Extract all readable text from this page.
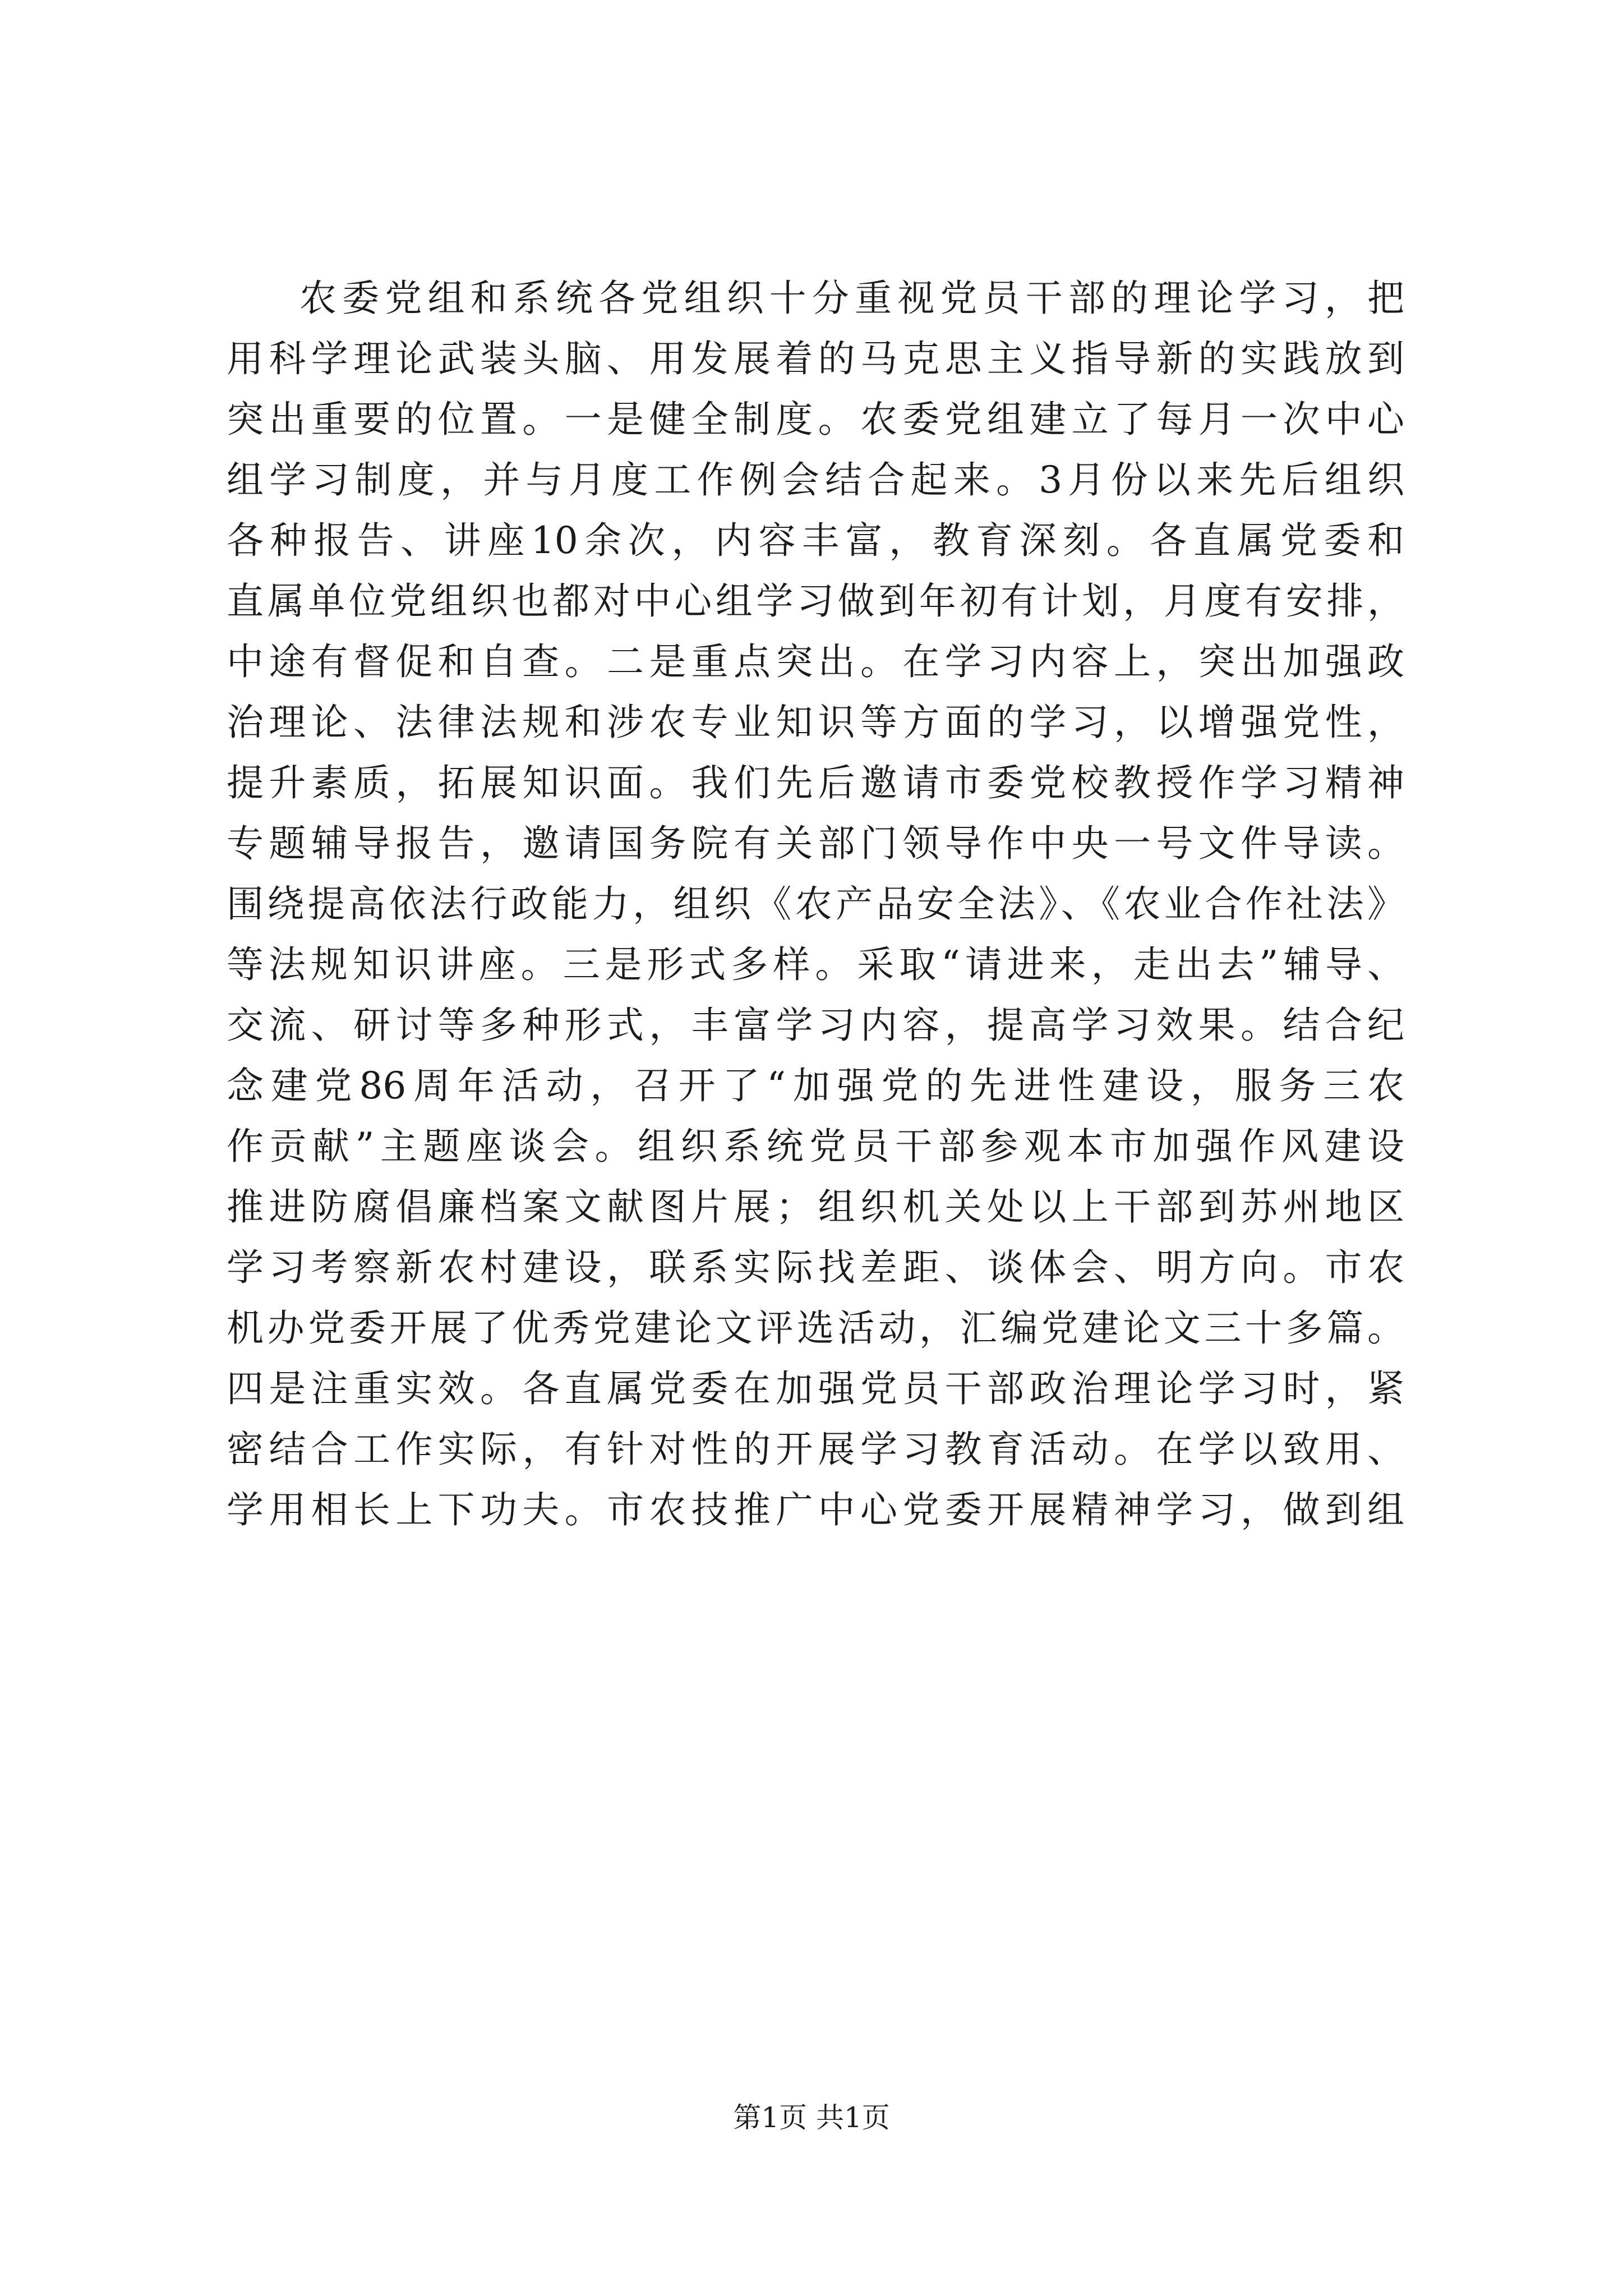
农委党组和系统各党组织十分重视党员干部的理论学习，把
用科学理论武装头脑、用发展着的马克思主义指导新的实践放到
突出重要的位置。一是健全制度。农委党组建立了每月一次中心
组学习制度，并与月度工作例会结合起来。3月份以来先后组织
各种报告、讲座10余次，内容丰富，教育深刻。各直属党委和
直属单位党组织也都对中心组学习做到年初有计划，月度有安排，
中途有督促和自查。二是重点突出。在学习内容上，突出加强政
治理论、法律法规和涉农专业知识等方面的学习，以增强党性，
提升素质，拓展知识面。我们先后邀请市委党校教授作学习精神
专题辅导报告，邀请国务院有关部门领导作中央一号文件导读。
围绕提高依法行政能力，组织《农产品安全法》、《农业合作社法》
等法规知识讲座。三是形式多样。采取“请进来，走出去”辅导、
交流、研讨等多种形式，丰富学习内容，提高学习效果。结合纪
念建党86周年活动，召开了“加强党的先进性建设，服务三农
作贡献”主题座谈会。组织系统党员干部参观本市加强作风建设
推进防腐倡廉档案文献图片展；组织机关处以上干部到苏州地区
学习考察新农村建设，联系实际找差距、谈体会、明方向。市农
机办党委开展了优秀党建论文评选活动，汇编党建论文三十多篇。
四是注重实效。各直属党委在加强党员干部政治理论学习时，紧
密结合工作实际，有针对性的开展学习教育活动。在学以致用、
学用相长上下功夫。市农技推广中心党委开展精神学习，做到组
第1页 共1页
